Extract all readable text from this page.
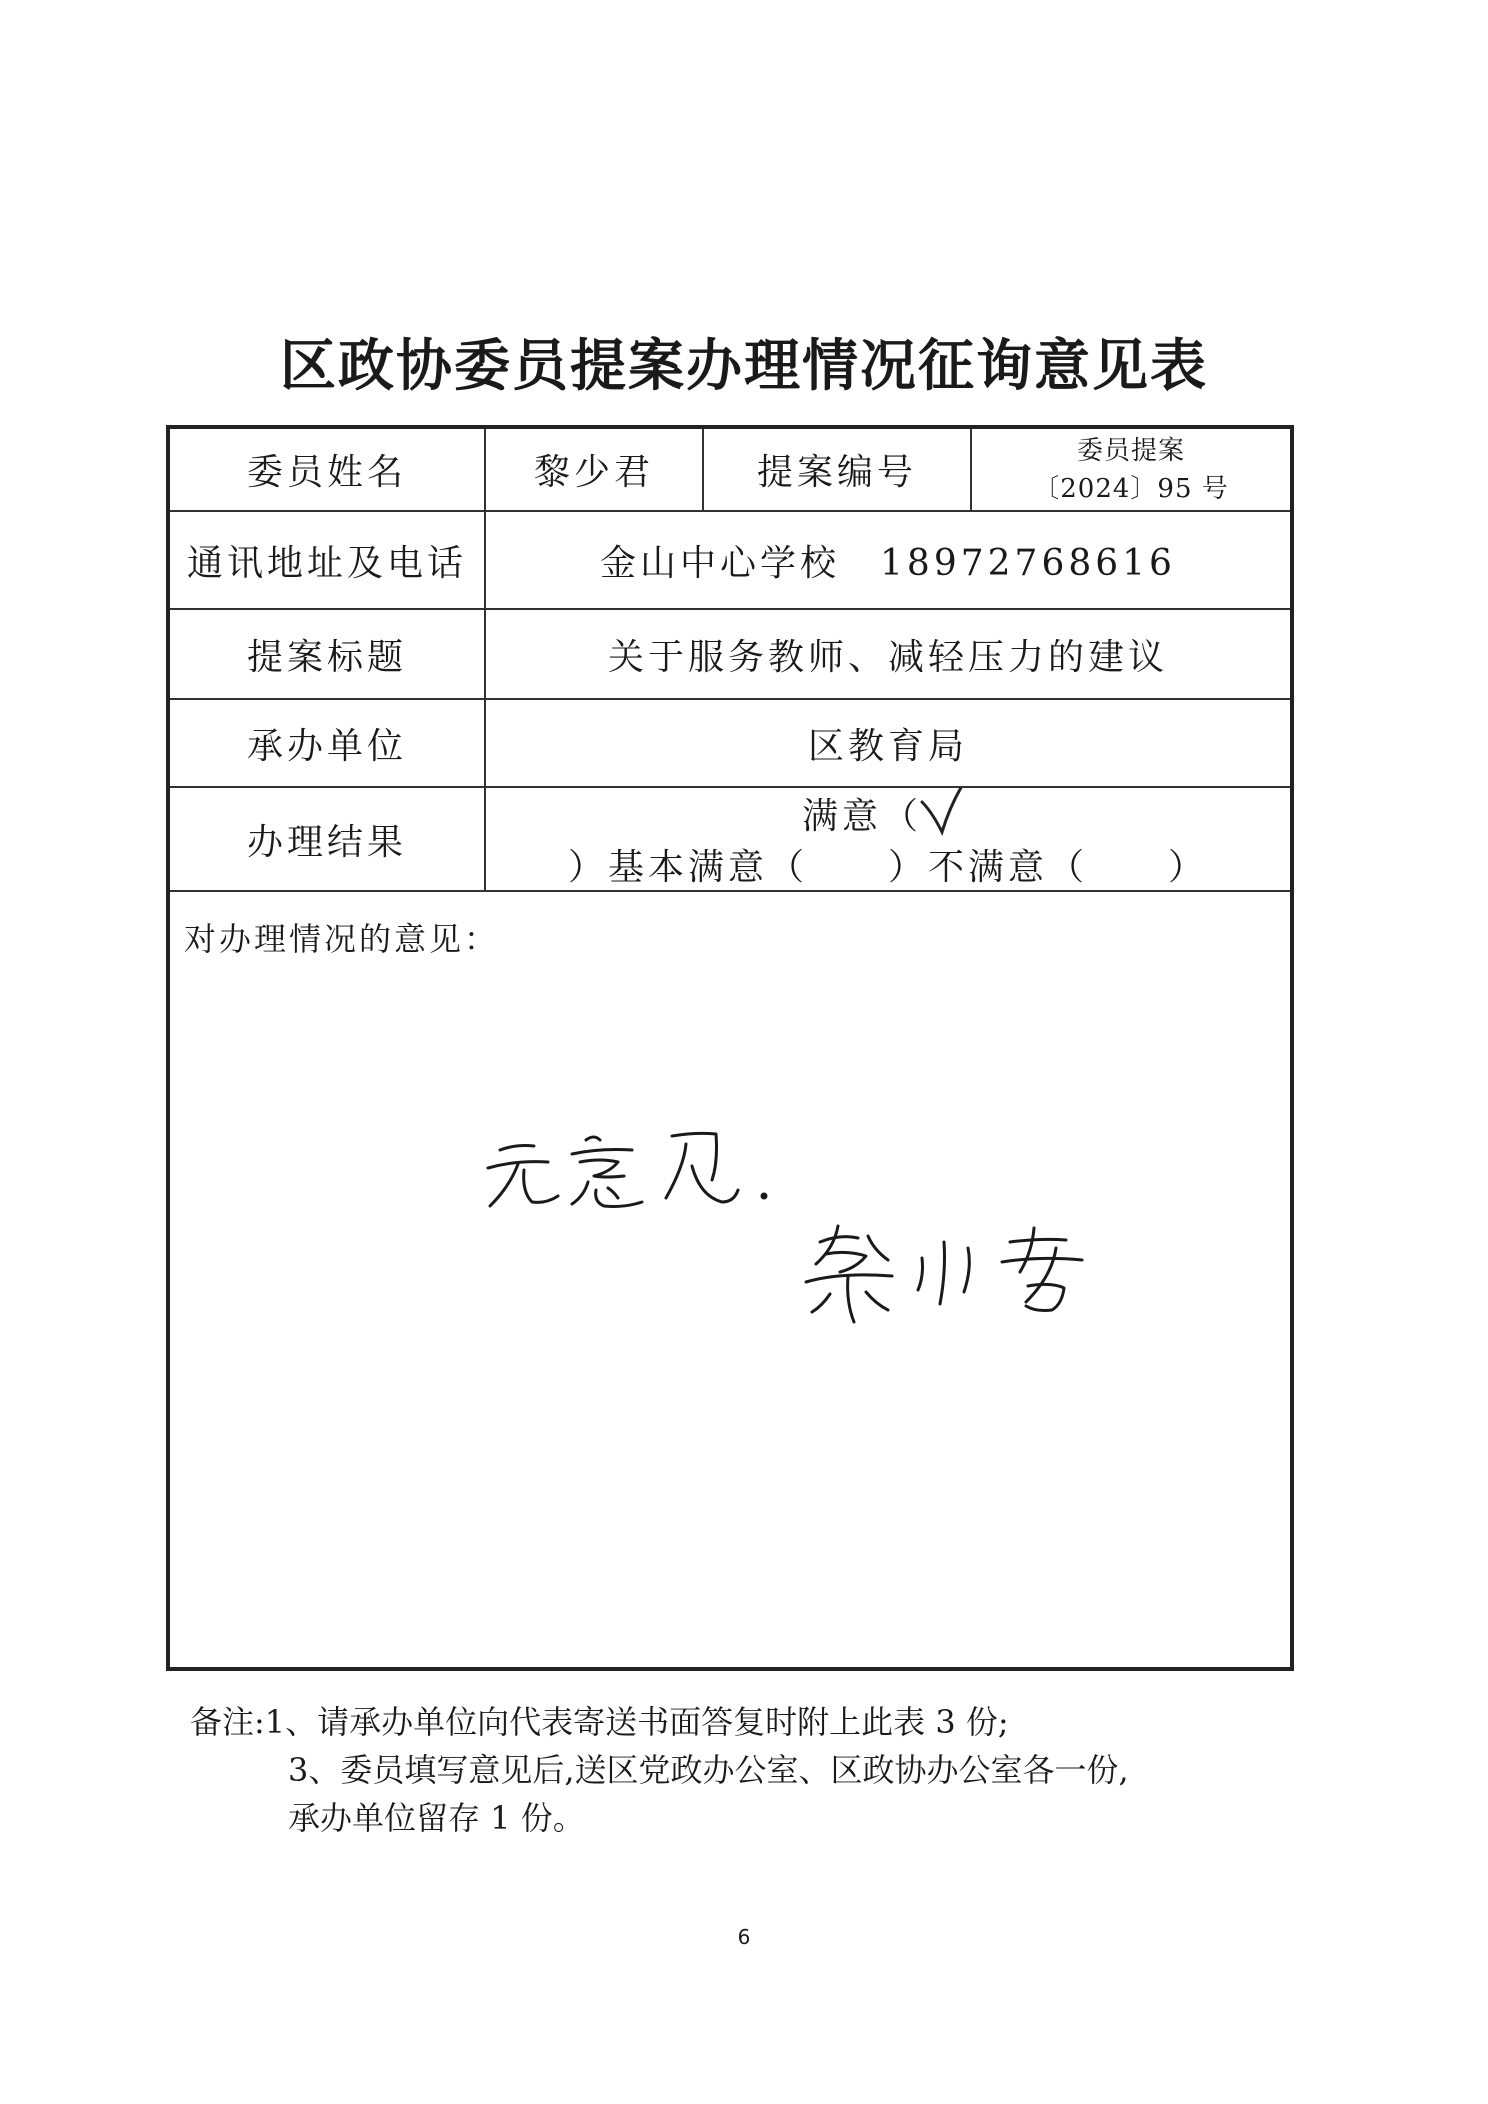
区政协委员提案办理情况征询意见表
委员姓名	黎少君	提案编号	委员提案
〔2024〕95 号

通讯地址及电话	金山中心学校　18972768616		
提案标题	关于服务教师、减轻压力的建议		
承办单位	区教育局		
办理结果	满意（
）基本满意（　　）不满意（　　）		

对办理情况的意见：			
备注:1、请承办单位向代表寄送书面答复时附上此表 3 份;
3、委员填写意见后,送区党政办公室、区政协办公室各一份,
承办单位留存 1 份。
6
